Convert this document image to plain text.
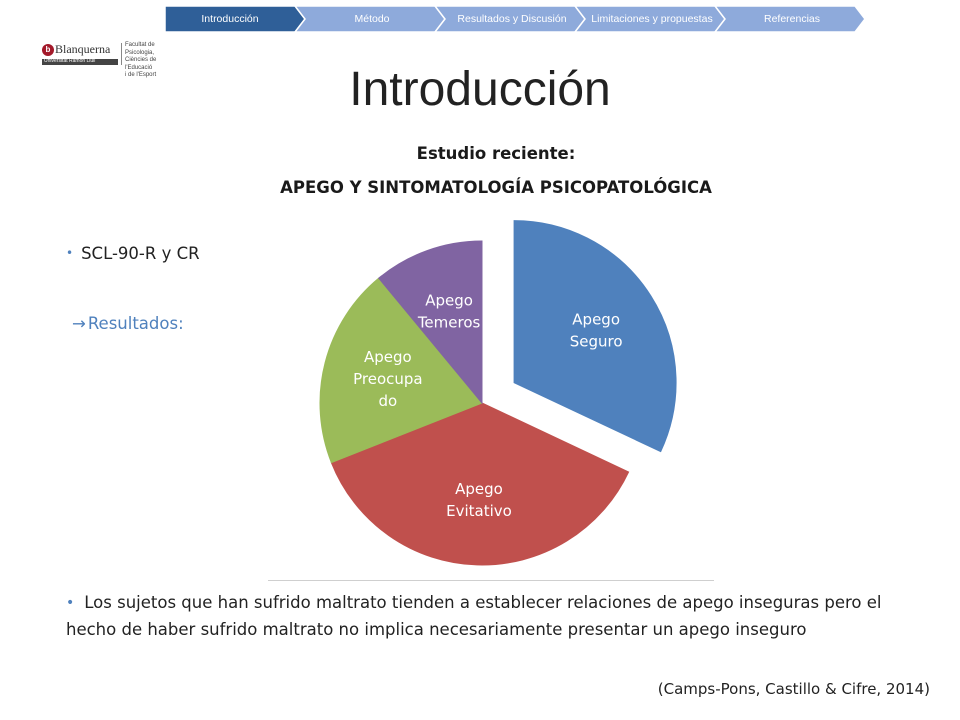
Introducción	Método	Resultados y Discusión	Limitaciones y propuestas	Referencias
b Blanquerna
Universitat Ramon Llull
Facultat de Psicologia,
Ciències de l'Educació
i de l'Esport	Introducción
Estudio reciente:
APEGO Y SINTOMATOLOGÍA PSICOPATOLÓGICA
• SCL-90-R y CR
→ Resultados:	Apego Seguro
Apego Evitativo
Apego Preocupa do
Apego Temeros
• Los sujetos que han sufrido maltrato tienden a establecer relaciones de apego inseguras pero el hecho de haber sufrido maltrato no implica necesariamente presentar un apego inseguro
(Camps-Pons, Castillo & Cifre, 2014)
